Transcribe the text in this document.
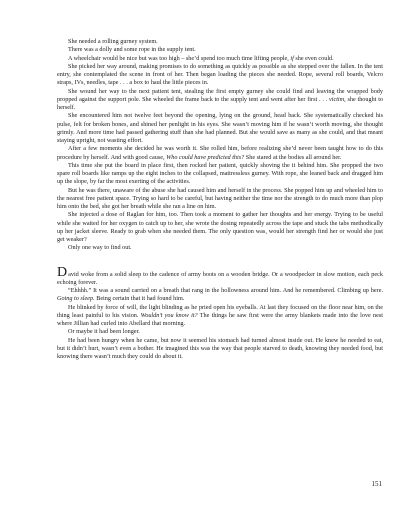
She needed a rolling gurney system.

There was a dolly and some rope in the supply tent.

A wheelchair would be nice but was too high – she’d spend too much time lifting people, if she even could.

She picked her way around, making promises to do something as quickly as possible as she stepped over the fallen. In the tent entry, she contemplated the scene in front of her. Then began loading the pieces she needed. Rope, several roll boards, Velcro straps, IVs, needles, tape . . . a box to haul the little pieces in.

She wound her way to the next patient tent, stealing the first empty gurney she could find and leaving the wrapped body propped against the support pole. She wheeled the frame back to the supply tent and went after her first . . . victim, she thought to herself.

She encountered him not twelve feet beyond the opening, lying on the ground, head back. She systematically checked his pulse, felt for broken bones, and shined her penlight in his eyes. She wasn’t moving him if he wasn’t worth moving, she thought grimly. And more time had passed gathering stuff than she had planned. But she would save as many as she could, and that meant staying upright, not wasting effort.

After a few moments she decided he was worth it. She rolled him, before realizing she’d never been taught how to do this procedure by herself. And with good cause, Who could have predicted this? She stared at the bodies all around her.

This time she put the board in place first, then rocked her patient, quickly shoving the it behind him. She propped the two spare roll boards like ramps up the eight inches to the collapsed, mattressless gurney. With rope, she leaned back and dragged him up the slope, by far the most exerting of the activities.

But he was there, unaware of the abuse she had caused him and herself in the process. She popped him up and wheeled him to the nearest free patient space. Trying so hard to be careful, but having neither the time nor the strength to do much more than plop him onto the bed, she got her breath while she ran a line on him.

She injected a dose of Raglan for him, too. Then took a moment to gather her thoughts and her energy. Trying to be useful while she waited for her oxygen to catch up to her, she wrote the dosing repeatedly across the tape and stuck the tabs methodically up her jacket sleeve. Ready to grab when she needed them. The only question was, would her strength find her or would she just get weaker?

Only one way to find out.

David woke from a solid sleep to the cadence of army boots on a wooden bridge. Or a woodpecker in slow motion, each peck echoing forever.

“Ehhhh.” It was a sound carried on a breath that rang in the hollowness around him. And he remembered. Climbing up here. Going to sleep. Being certain that it had found him.

He blinked by force of will, the light blinding as he pried open his eyeballs. At last they focused on the floor near him, on the thing least painful to his vision. Wouldn’t you know it? The things he saw first were the army blankets made into the love nest where Jillian had curled into Abellard that morning.

Or maybe it had been longer.

He had been hungry when he came, but now it seemed his stomach had turned almost inside out. He knew he needed to eat, but it didn’t hurt, wasn’t even a bother. He imagined this was the way that people starved to death, knowing they needed food, but knowing there wasn’t much they could do about it.

151
